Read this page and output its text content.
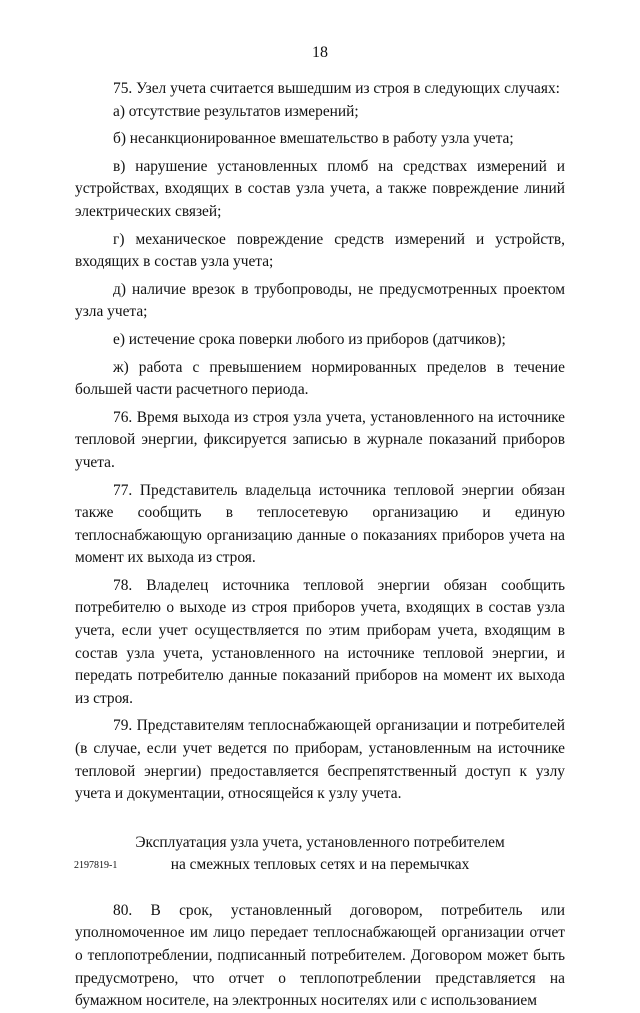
18

75. Узел учета считается вышедшим из строя в следующих случаях:

а) отсутствие результатов измерений;

б) несанкционированное вмешательство в работу узла учета;

в) нарушение установленных пломб на средствах измерений и устройствах, входящих в состав узла учета, а также повреждение линий электрических связей;

г) механическое повреждение средств измерений и устройств, входящих в состав узла учета;

д) наличие врезок в трубопроводы, не предусмотренных проектом узла учета;

е) истечение срока поверки любого из приборов (датчиков);

ж) работа с превышением нормированных пределов в течение большей части расчетного периода.

76. Время выхода из строя узла учета, установленного на источнике тепловой энергии, фиксируется записью в журнале показаний приборов учета.

77. Представитель владельца источника тепловой энергии обязан также сообщить в теплосетевую организацию и единую теплоснабжающую организацию данные о показаниях приборов учета на момент их выхода из строя.

78. Владелец источника тепловой энергии обязан сообщить потребителю о выходе из строя приборов учета, входящих в состав узла учета, если учет осуществляется по этим приборам учета, входящим в состав узла учета, установленного на источнике тепловой энергии, и передать потребителю данные показаний приборов на момент их выхода из строя.

79. Представителям теплоснабжающей организации и потребителей (в случае, если учет ведется по приборам, установленным на источнике тепловой энергии) предоставляется беспрепятственный доступ к узлу учета и документации, относящейся к узлу учета.

Эксплуатация узла учета, установленного потребителем
на смежных тепловых сетях и на перемычках

80. В срок, установленный договором, потребитель или уполномоченное им лицо передает теплоснабжающей организации отчет о теплопотреблении, подписанный потребителем. Договором может быть предусмотрено, что отчет о теплопотреблении представляется на бумажном носителе, на электронных носителях или с использованием

2197819-1
